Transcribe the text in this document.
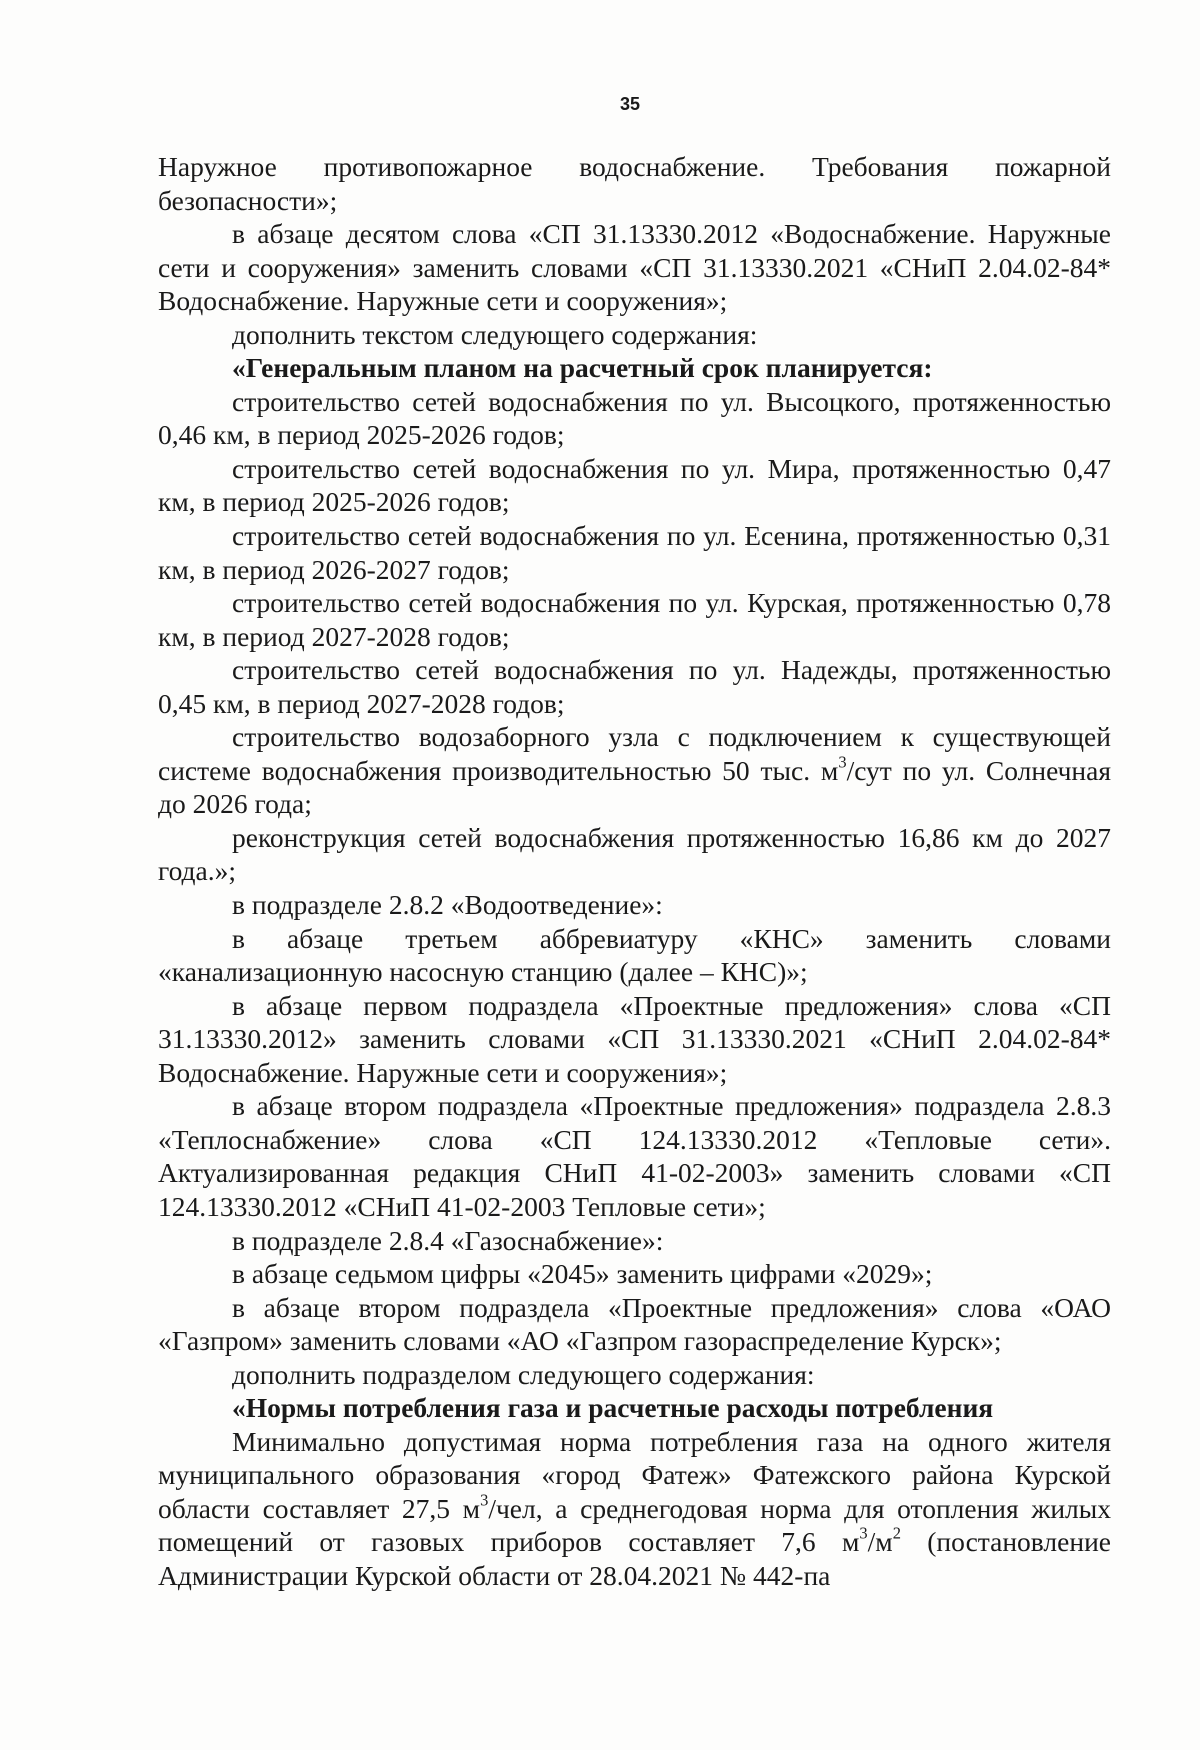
35

Наружное противопожарное водоснабжение. Требования пожарной безопасности»;

в абзаце десятом слова «СП 31.13330.2012 «Водоснабжение. Наружные сети и сооружения» заменить словами «СП 31.13330.2021 «СНиП 2.04.02-84* Водоснабжение. Наружные сети и сооружения»;

дополнить текстом следующего содержания:

«Генеральным планом на расчетный срок планируется:

строительство сетей водоснабжения по ул. Высоцкого, протяженностью 0,46 км, в период 2025-2026 годов;

строительство сетей водоснабжения по ул. Мира, протяженностью 0,47 км, в период 2025-2026 годов;

строительство сетей водоснабжения по ул. Есенина, протяженностью 0,31 км, в период 2026-2027 годов;

строительство сетей водоснабжения по ул. Курская, протяженностью 0,78 км, в период 2027-2028 годов;

строительство сетей водоснабжения по ул. Надежды, протяженностью 0,45 км, в период 2027-2028 годов;

строительство водозаборного узла с подключением к существующей системе водоснабжения производительностью 50 тыс. $м^3$/сут по ул. Солнечная до 2026 года;

реконструкция сетей водоснабжения протяженностью 16,86 км до 2027 года.»;

в подразделе 2.8.2 «Водоотведение»:

в абзаце третьем аббревиатуру «КНС» заменить словами «канализационную насосную станцию (далее – КНС)»;

в абзаце первом подраздела «Проектные предложения» слова «СП 31.13330.2012» заменить словами «СП 31.13330.2021 «СНиП 2.04.02-84* Водоснабжение. Наружные сети и сооружения»;

в абзаце втором подраздела «Проектные предложения» подраздела 2.8.3 «Теплоснабжение» слова «СП 124.13330.2012 «Тепловые сети». Актуализированная редакция СНиП 41-02-2003» заменить словами «СП 124.13330.2012 «СНиП 41-02-2003 Тепловые сети»;

в подразделе 2.8.4 «Газоснабжение»:

в абзаце седьмом цифры «2045» заменить цифрами «2029»;

в абзаце втором подраздела «Проектные предложения» слова «ОАО «Газпром» заменить словами «АО «Газпром газораспределение Курск»;

дополнить подразделом следующего содержания:

«Нормы потребления газа и расчетные расходы потребления

Минимально допустимая норма потребления газа на одного жителя муниципального образования «город Фатеж» Фатежского района Курской области составляет 27,5 $м^3$/чел, а среднегодовая норма для отопления жилых помещений от газовых приборов составляет 7,6 $м^3/м^2$ (постановление Администрации Курской области от 28.04.2021 № 442-па
